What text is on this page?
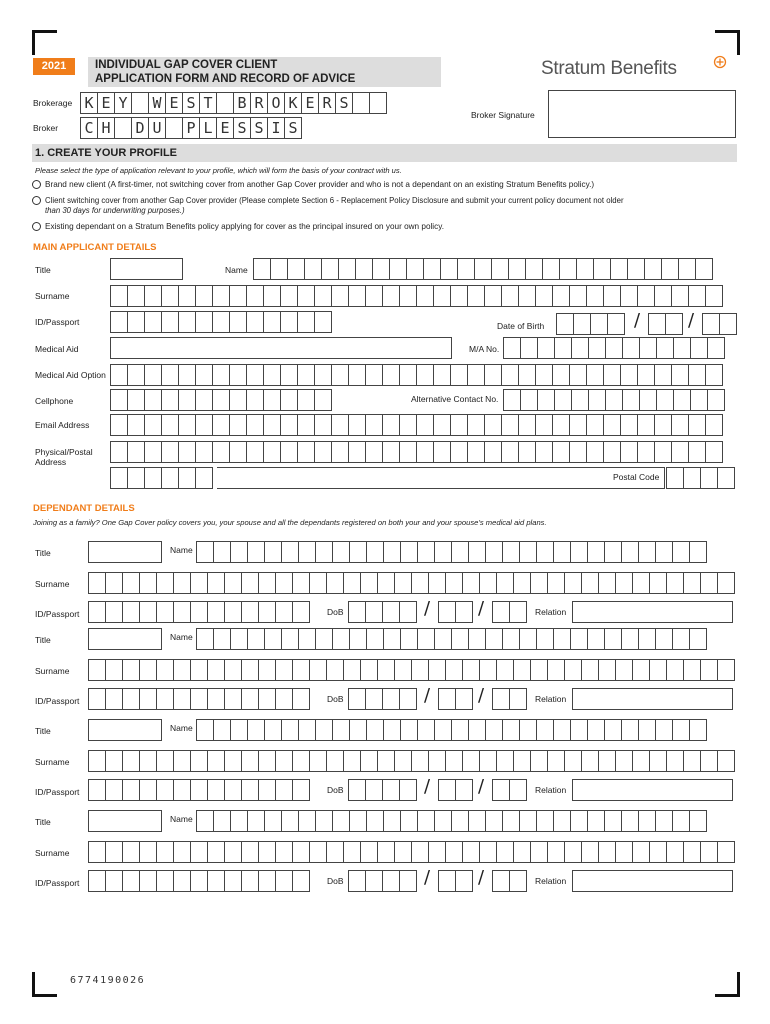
2021	INDIVIDUAL GAP COVER CLIENT
APPLICATION FORM AND RECORD OF ADVICE	Stratum Benefits
Brokerage K E Y W E S T B R O K E R S
Broker C H D U P L E S S I S
Broker Signature
1. CREATE YOUR PROFILE
Please select the type of application relevant to your profile, which will form the basis of your contract with us.
Brand new client (A first-timer, not switching cover from another Gap Cover provider and who is not a dependant on an existing Stratum Benefits policy.)
Client switching cover from another Gap Cover provider (Please complete Section 6 - Replacement Policy Disclosure and submit your current policy document not older
than 30 days for underwriting purposes.)
Existing dependant on a Stratum Benefits policy applying for cover as the principal insured on your own policy.
MAIN APPLICANT DETAILS
Title	Name
Surname
ID/Passport	Date of Birth	/	/
Medical Aid	M/A No.
Medical Aid Option
Cellphone	Alternative Contact No.
Email Address
Physical/Postal
Address
Postal Code
DEPENDANT DETAILS
Joining as a family? One Gap Cover policy covers you, your spouse and all the dependants registered on both your and your spouse’s medical aid plans.
Title	Name
Surname
ID/Passport	DoB	/	/	Relation
Title	Name
Surname
ID/Passport	DoB	/	/	Relation
Title	Name
Surname
ID/Passport	DoB	/	/	Relation
Title	Name
Surname
ID/Passport	DoB	/	/	Relation
6774190026
